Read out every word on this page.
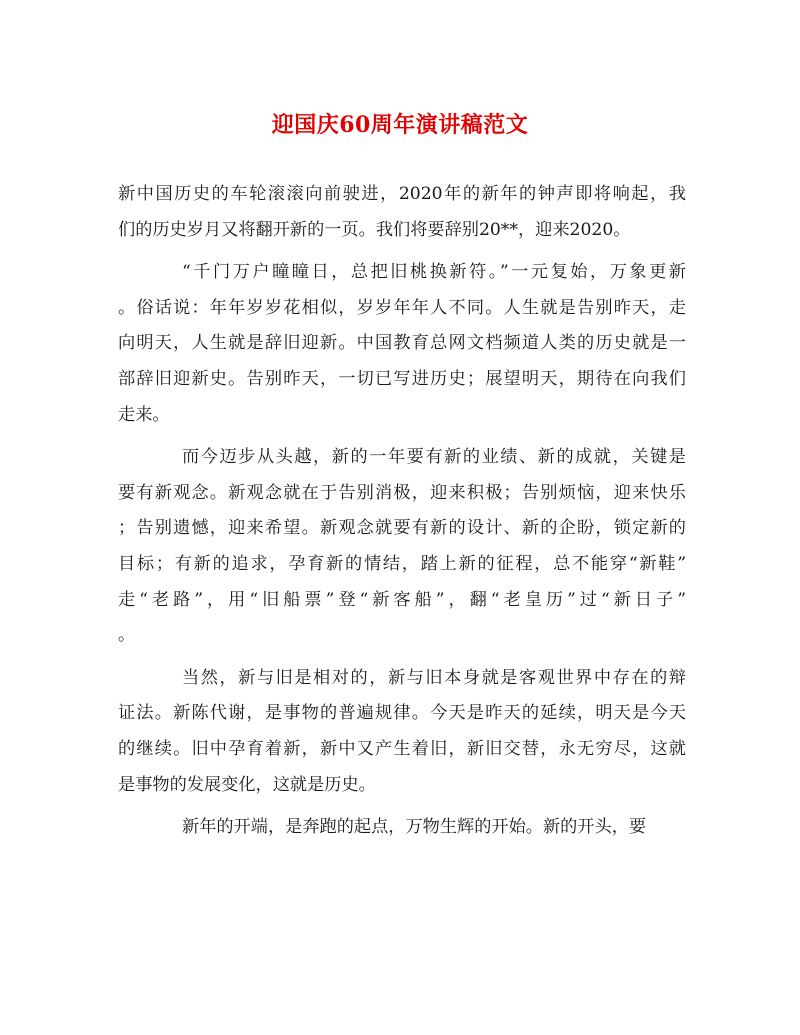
迎国庆60周年演讲稿范文
新中国历史的车轮滚滚向前驶进，2020年的新年的钟声即将响起，我
们的历史岁月又将翻开新的一页。我们将要辞别20**，迎来2020。
“千门万户瞳瞳日，总把旧桃换新符。”一元复始，万象更新
。俗话说：年年岁岁花相似，岁岁年年人不同。人生就是告别昨天，走
向明天，人生就是辞旧迎新。中国教育总网文档频道人类的历史就是一
部辞旧迎新史。告别昨天，一切已写进历史；展望明天，期待在向我们
走来。
而今迈步从头越，新的一年要有新的业绩、新的成就，关键是
要有新观念。新观念就在于告别消极，迎来积极；告别烦恼，迎来快乐
；告别遗憾，迎来希望。新观念就要有新的设计、新的企盼，锁定新的
目标；有新的追求，孕育新的情结，踏上新的征程，总不能穿“新鞋”
走“老路”，用“旧船票”登“新客船”，翻“老皇历”过“新日子”
。
当然，新与旧是相对的，新与旧本身就是客观世界中存在的辩
证法。新陈代谢，是事物的普遍规律。今天是昨天的延续，明天是今天
的继续。旧中孕育着新，新中又产生着旧，新旧交替，永无穷尽，这就
是事物的发展变化，这就是历史。
新年的开端，是奔跑的起点，万物生辉的开始。新的开头，要
